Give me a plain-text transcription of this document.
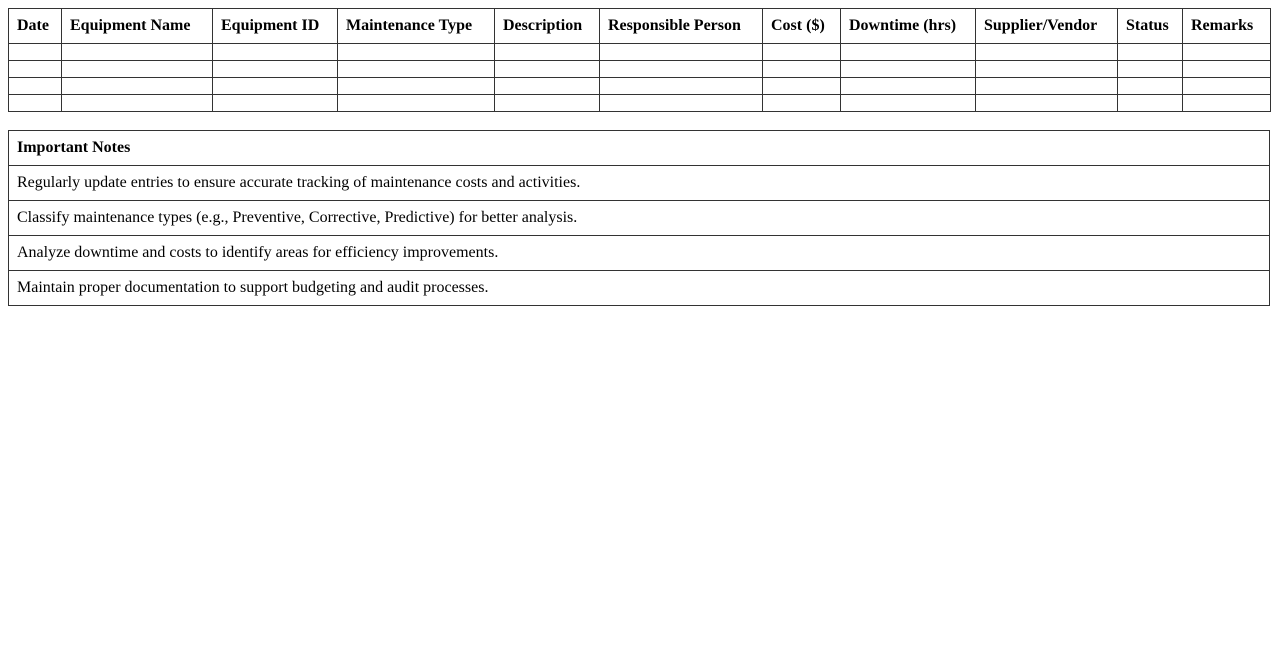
Date	Equipment Name	Equipment ID	Maintenance Type	Description	Responsible Person	Cost ($)	Downtime (hrs)	Supplier/Vendor	Status	Remarks

Important Notes
Regularly update entries to ensure accurate tracking of maintenance costs and activities.
Classify maintenance types (e.g., Preventive, Corrective, Predictive) for better analysis.
Analyze downtime and costs to identify areas for efficiency improvements.
Maintain proper documentation to support budgeting and audit processes.
